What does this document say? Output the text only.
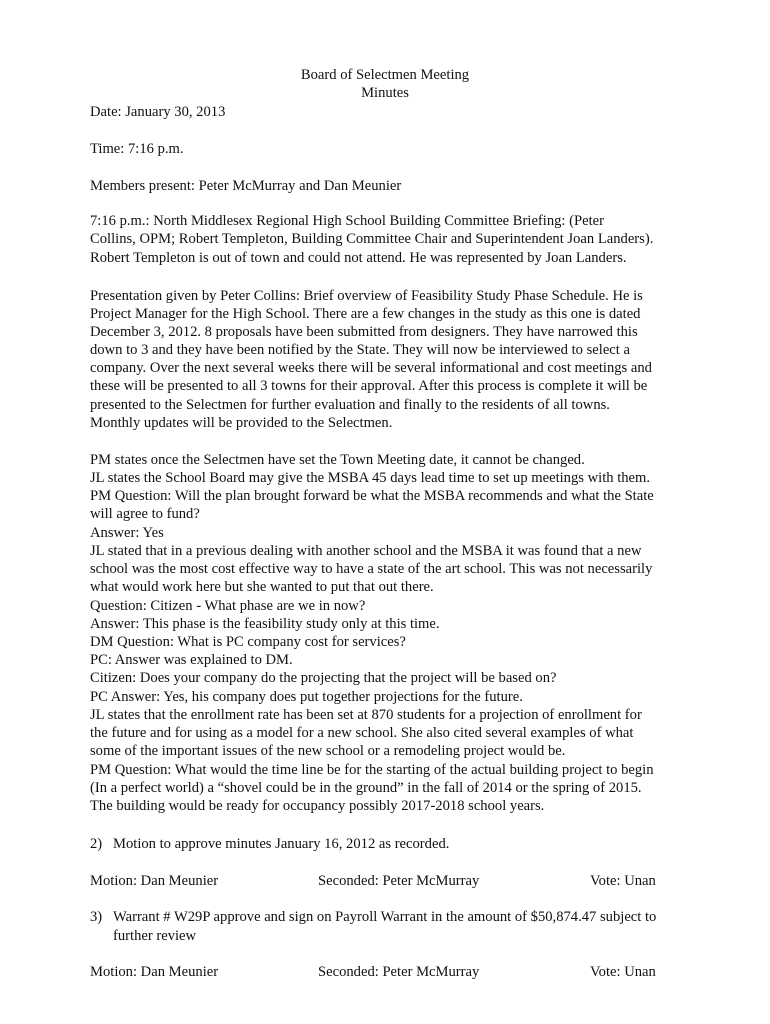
Board of Selectmen Meeting
Minutes
Date: January 30, 2013
Time: 7:16 p.m.
Members present: Peter McMurray and Dan Meunier
7:16 p.m.: North Middlesex Regional High School Building Committee Briefing: (Peter
Collins, OPM; Robert Templeton, Building Committee Chair and Superintendent Joan Landers).
Robert Templeton is out of town and could not attend. He was represented by Joan Landers.
Presentation given by Peter Collins: Brief overview of Feasibility Study Phase Schedule. He is
Project Manager for the High School. There are a few changes in the study as this one is dated
December 3, 2012. 8 proposals have been submitted from designers. They have narrowed this
down to 3 and they have been notified by the State. They will now be interviewed to select a
company. Over the next several weeks there will be several informational and cost meetings and
these will be presented to all 3 towns for their approval. After this process is complete it will be
presented to the Selectmen for further evaluation and finally to the residents of all towns.
Monthly updates will be provided to the Selectmen.
PM states once the Selectmen have set the Town Meeting date, it cannot be changed.
JL states the School Board may give the MSBA 45 days lead time to set up meetings with them.
PM Question: Will the plan brought forward be what the MSBA recommends and what the State
will agree to fund?
Answer: Yes
JL stated that in a previous dealing with another school and the MSBA it was found that a new
school was the most cost effective way to have a state of the art school. This was not necessarily
what would work here but she wanted to put that out there.
Question: Citizen - What phase are we in now?
Answer: This phase is the feasibility study only at this time.
DM Question: What is PC company cost for services?
PC: Answer was explained to DM.
Citizen: Does your company do the projecting that the project will be based on?
PC Answer: Yes, his company does put together projections for the future.
JL states that the enrollment rate has been set at 870 students for a projection of enrollment for
the future and for using as a model for a new school. She also cited several examples of what
some of the important issues of the new school or a remodeling project would be.
PM Question: What would the time line be for the starting of the actual building project to begin
(In a perfect world) a “shovel could be in the ground” in the fall of 2014 or the spring of 2015.
The building would be ready for occupancy possibly 2017-2018 school years.
2) Motion to approve minutes January 16, 2012 as recorded.
Motion: Dan Meunier	Seconded: Peter McMurray	Vote: Unan
3) Warrant # W29P approve and sign on Payroll Warrant in the amount of $50,874.47 subject to
further review
Motion: Dan Meunier	Seconded: Peter McMurray	Vote: Unan
